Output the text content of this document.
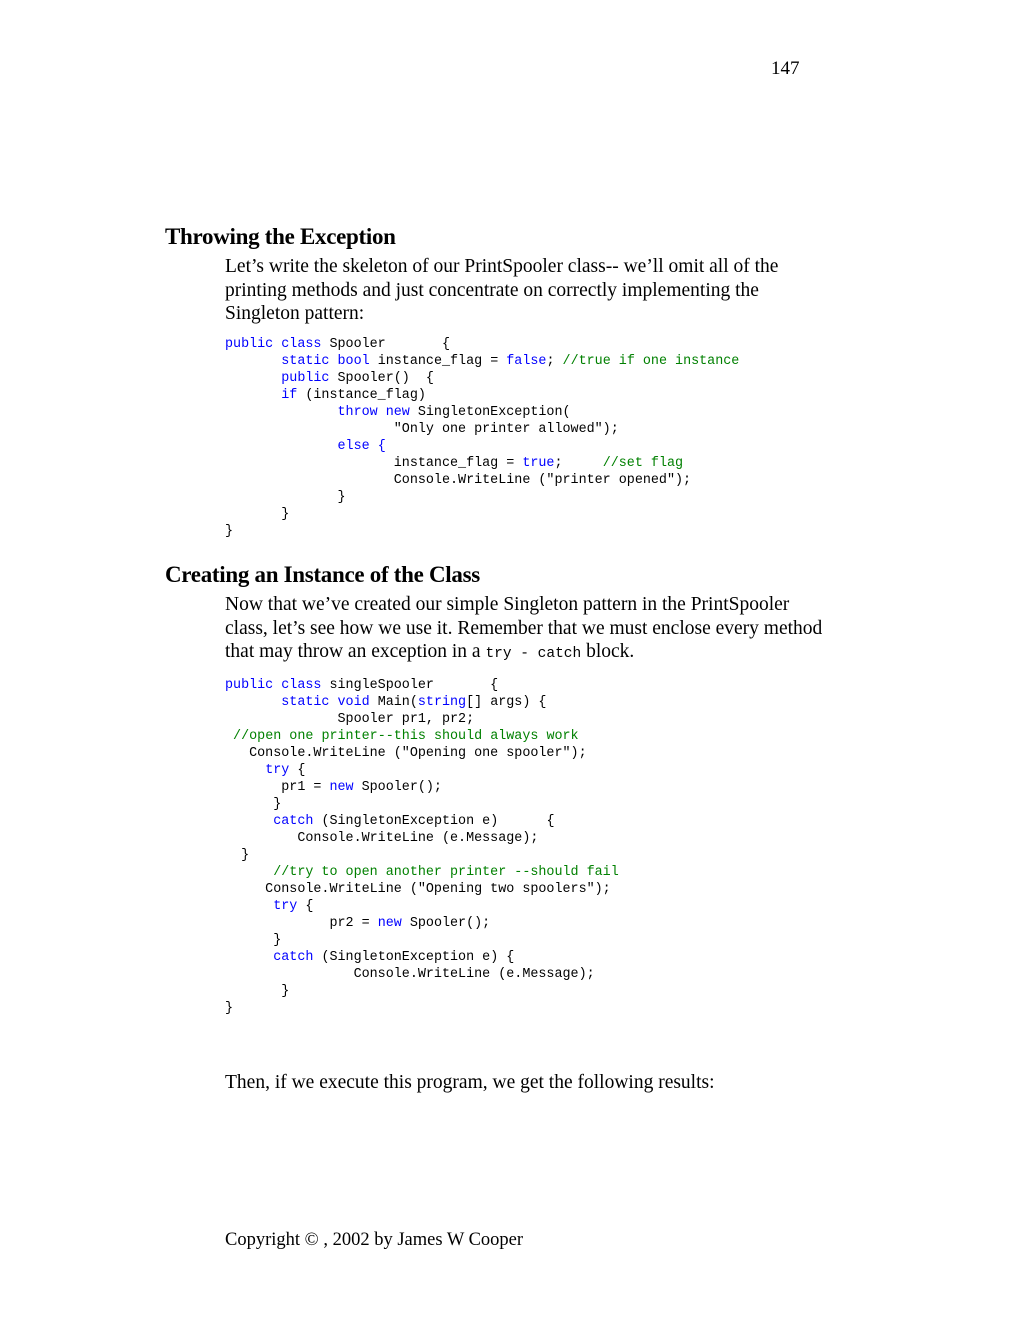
147
Throwing the Exception

Let’s write the skeleton of our PrintSpooler class-- we’ll omit all of the printing methods and just concentrate on correctly implementing the Singleton pattern:

public class Spooler       {
static bool instance_flag = false; //true if one instance
public Spooler()  {
if (instance_flag)
throw new SingletonException(
"Only one printer allowed");
else {
instance_flag = true;     //set flag
Console.WriteLine ("printer opened");
}
}
}
Creating an Instance of the Class

Now that we’ve created our simple Singleton pattern in the PrintSpooler class, let’s see how we use it. Remember that we must enclose every method that may throw an exception in a try - catch block.

public class singleSpooler       {
static void Main(string[] args) {
Spooler pr1, pr2;
//open one printer--this should always work
Console.WriteLine ("Opening one spooler");
try {
pr1 = new Spooler();
}
catch (SingletonException e)      {
Console.WriteLine (e.Message);
}
//try to open another printer --should fail
Console.WriteLine ("Opening two spoolers");
try {
pr2 = new Spooler();
}
catch (SingletonException e) {
Console.WriteLine (e.Message);
}
}

Then, if we execute this program, we get the following results:

Copyright © , 2002 by James W Cooper
